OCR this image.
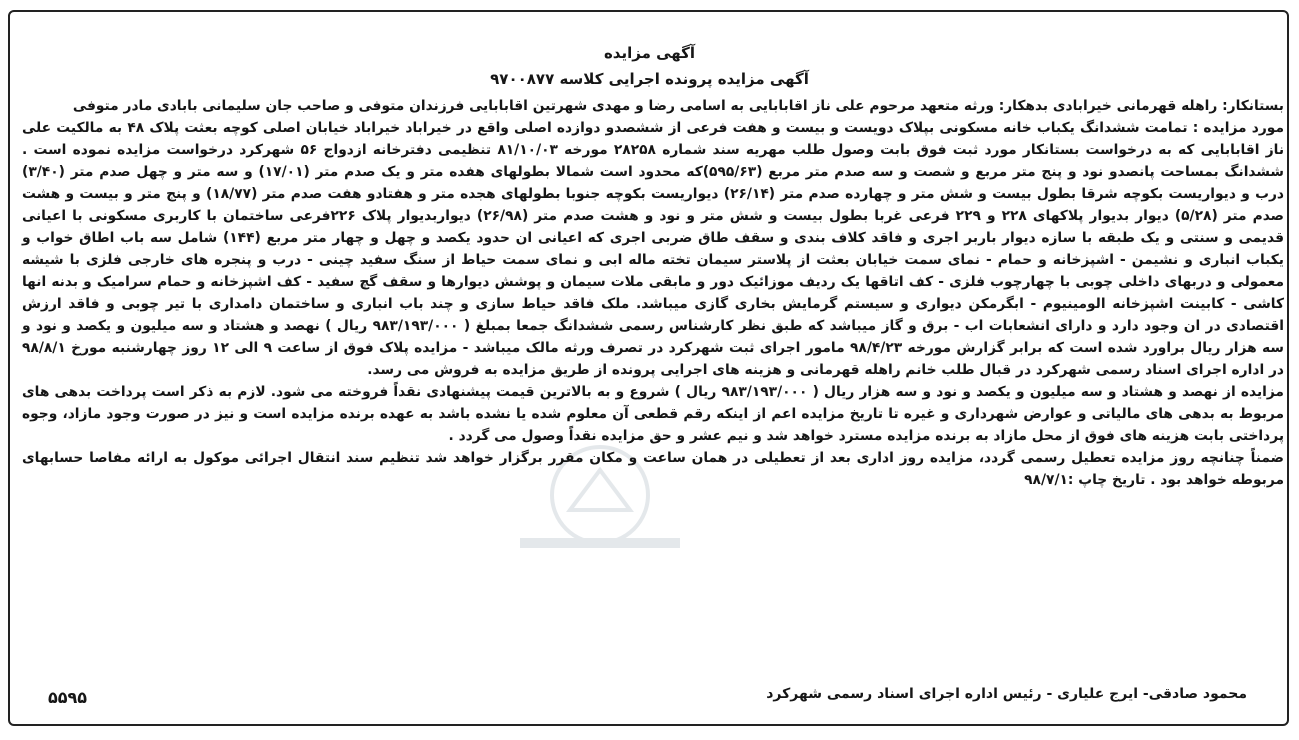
آگهی مزایده
آگهی مزایده پرونده اجرایی کلاسه ۹۷۰۰۸۷۷

بستانکار: راهله قهرمانی خیرابادی بدهکار: ورثه متعهد مرحوم علی ناز اقابابایی به اسامی رضا و مهدی شهرتین اقابابایی فرزندان متوفی و صاحب جان سلیمانی بابادی مادر متوفی

مورد مزایده : تمامت ششدانگ یکباب خانه مسکونی بپلاک دویست و بیست و هفت فرعی از ششصدو دوازده اصلی واقع در خیراباد خیراباد خیابان اصلی کوچه بعثت پلاک ۴۸ به مالکیت علی ناز اقابابایی که به درخواست بستانکار مورد ثبت فوق بابت وصول طلب مهریه سند شماره ۲۸۲۵۸ مورخه ۸۱/۱۰/۰۳ تنظیمی دفترخانه ازدواج ۵۶ شهرکرد درخواست مزایده نموده است . ششدانگ بمساحت پانصدو نود و پنج متر مربع و شصت و سه صدم متر مربع (۵۹۵/۶۳)که محدود است شمالا بطولهای هفده متر و یک صدم متر (۱۷/۰۱) و سه متر و چهل صدم متر (۳/۴۰) درب و دیواریست بکوچه شرقا بطول بیست و شش متر و چهارده صدم متر (۲۶/۱۴) دیواریست بکوچه جنوبا بطولهای هجده متر و هفتادو هفت صدم متر (۱۸/۷۷) و پنج متر و بیست و هشت صدم متر (۵/۲۸) دیوار بدیوار پلاکهای ۲۲۸ و ۲۲۹ فرعی غربا بطول بیست و شش متر و نود و هشت صدم متر (۲۶/۹۸) دیواربدیوار پلاک ۲۲۶فرعی ساختمان با کاربری مسکونی با اعیانی قدیمی و سنتی و یک طبقه با سازه دیوار باربر اجری و فاقد کلاف بندی و سقف طاق ضربی اجری که اعیانی ان حدود یکصد و چهل و چهار متر مربع (۱۴۴) شامل سه باب اطاق خواب و یکباب انباری و نشیمن - اشپزخانه و حمام - نمای سمت خیابان بعثت از پلاستر سیمان تخته ماله ابی و نمای سمت حیاط از سنگ سفید چینی - درب و پنجره های خارجی فلزی با شیشه معمولی و دربهای داخلی چوبی با چهارچوب فلزی - کف اتاقها یک ردیف موزائیک دور و مابقی ملات سیمان و پوشش دیوارها و سقف گچ سفید - کف اشپزخانه و حمام سرامیک و بدنه انها کاشی - کابینت اشپزخانه الومینیوم - ابگرمکن دیواری و سیستم گرمایش بخاری گازی میباشد. ملک فاقد حیاط سازی و چند باب انباری و ساختمان دامداری با تیر چوبی و فاقد ارزش اقتصادی در ان وجود دارد و دارای انشعابات اب - برق و گاز میباشد که طبق نظر کارشناس رسمی ششدانگ جمعا بمبلغ ( ۹۸۳/۱۹۳/۰۰۰ ریال ) نهصد و هشتاد و سه میلیون و یکصد و نود و سه هزار ریال براورد شده است که برابر گزارش مورخه ۹۸/۴/۲۳ مامور اجرای ثبت شهرکرد در تصرف ورثه مالک میباشد - مزایده پلاک فوق از ساعت ۹ الی ۱۲ روز چهارشنبه مورخ ۹۸/۸/۱ در اداره اجرای اسناد رسمی شهرکرد در قبال طلب خانم راهله قهرمانی و هزینه های اجرایی پرونده از طریق مزایده به فروش می رسد.

مزایده از نهصد و هشتاد و سه میلیون و یکصد و نود و سه هزار ریال ( ۹۸۳/۱۹۳/۰۰۰ ریال ) شروع و به بالاترین قیمت پیشنهادی نقداً فروخته می شود. لازم به ذکر است پرداخت بدهی های مربوط به بدهی های مالیاتی و عوارض شهرداری و غیره تا تاریخ مزایده اعم از اینکه رقم قطعی آن معلوم شده یا نشده باشد به عهده برنده مزایده است و نیز در صورت وجود مازاد، وجوه پرداختی بابت هزینه های فوق از محل مازاد به برنده مزایده مسترد خواهد شد و نیم عشر و حق مزایده نقداً وصول می گردد .

ضمناً چنانچه روز مزایده تعطیل رسمی گردد، مزایده روز اداری بعد از تعطیلی در همان ساعت و مکان مقرر برگزار خواهد شد تنظیم سند انتقال اجرائی موکول به ارائه مفاصا حسابهای مربوطه خواهد بود . تاریخ چاپ :۹۸/۷/۱

محمود صادقی- ایرج علیاری - رئیس اداره اجرای اسناد رسمی شهرکرد
۵۵۹۵
